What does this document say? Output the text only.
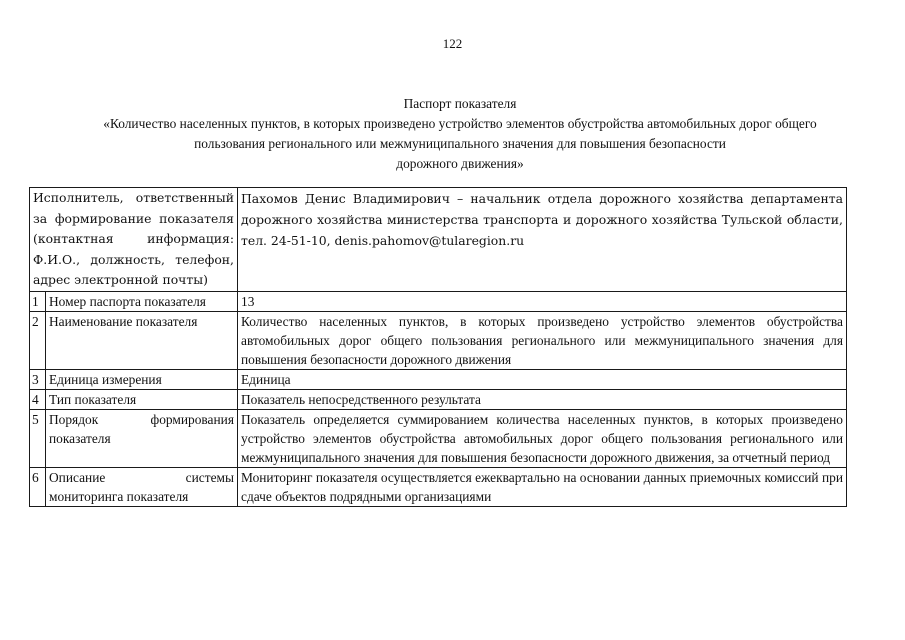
122
Паспорт показателя
«Количество населенных пунктов, в которых произведено устройство элементов обустройства автомобильных дорог общего
пользования регионального или межмуниципального значения для повышения безопасности
дорожного движения»
Исполнитель, ответственный за формирование показателя (контактная информация: Ф.И.О., должность, телефон, адрес электронной почты)		Пахомов Денис Владимирович – начальник отдела дорожного хозяйства департамента дорожного хозяйства министерства транспорта и дорожного хозяйства Тульской области, тел. 24-51-10, denis.pahomov@tularegion.ru
1	Номер паспорта показателя	13
2	Наименование показателя	Количество населенных пунктов, в которых произведено устройство элементов обустройства автомобильных дорог общего пользования регионального или межмуниципального значения для повышения безопасности дорожного движения
3	Единица измерения	Единица
4	Тип показателя	Показатель непосредственного результата
5	Порядок формирования показателя	Показатель определяется суммированием количества населенных пунктов, в которых произведено устройство элементов обустройства автомобильных дорог общего пользования регионального или межмуниципального значения для повышения безопасности дорожного движения, за отчетный период
6	Описание системы мониторинга показателя	Мониторинг показателя осуществляется ежеквартально на основании данных приемочных комиссий при сдаче объектов подрядными организациями
